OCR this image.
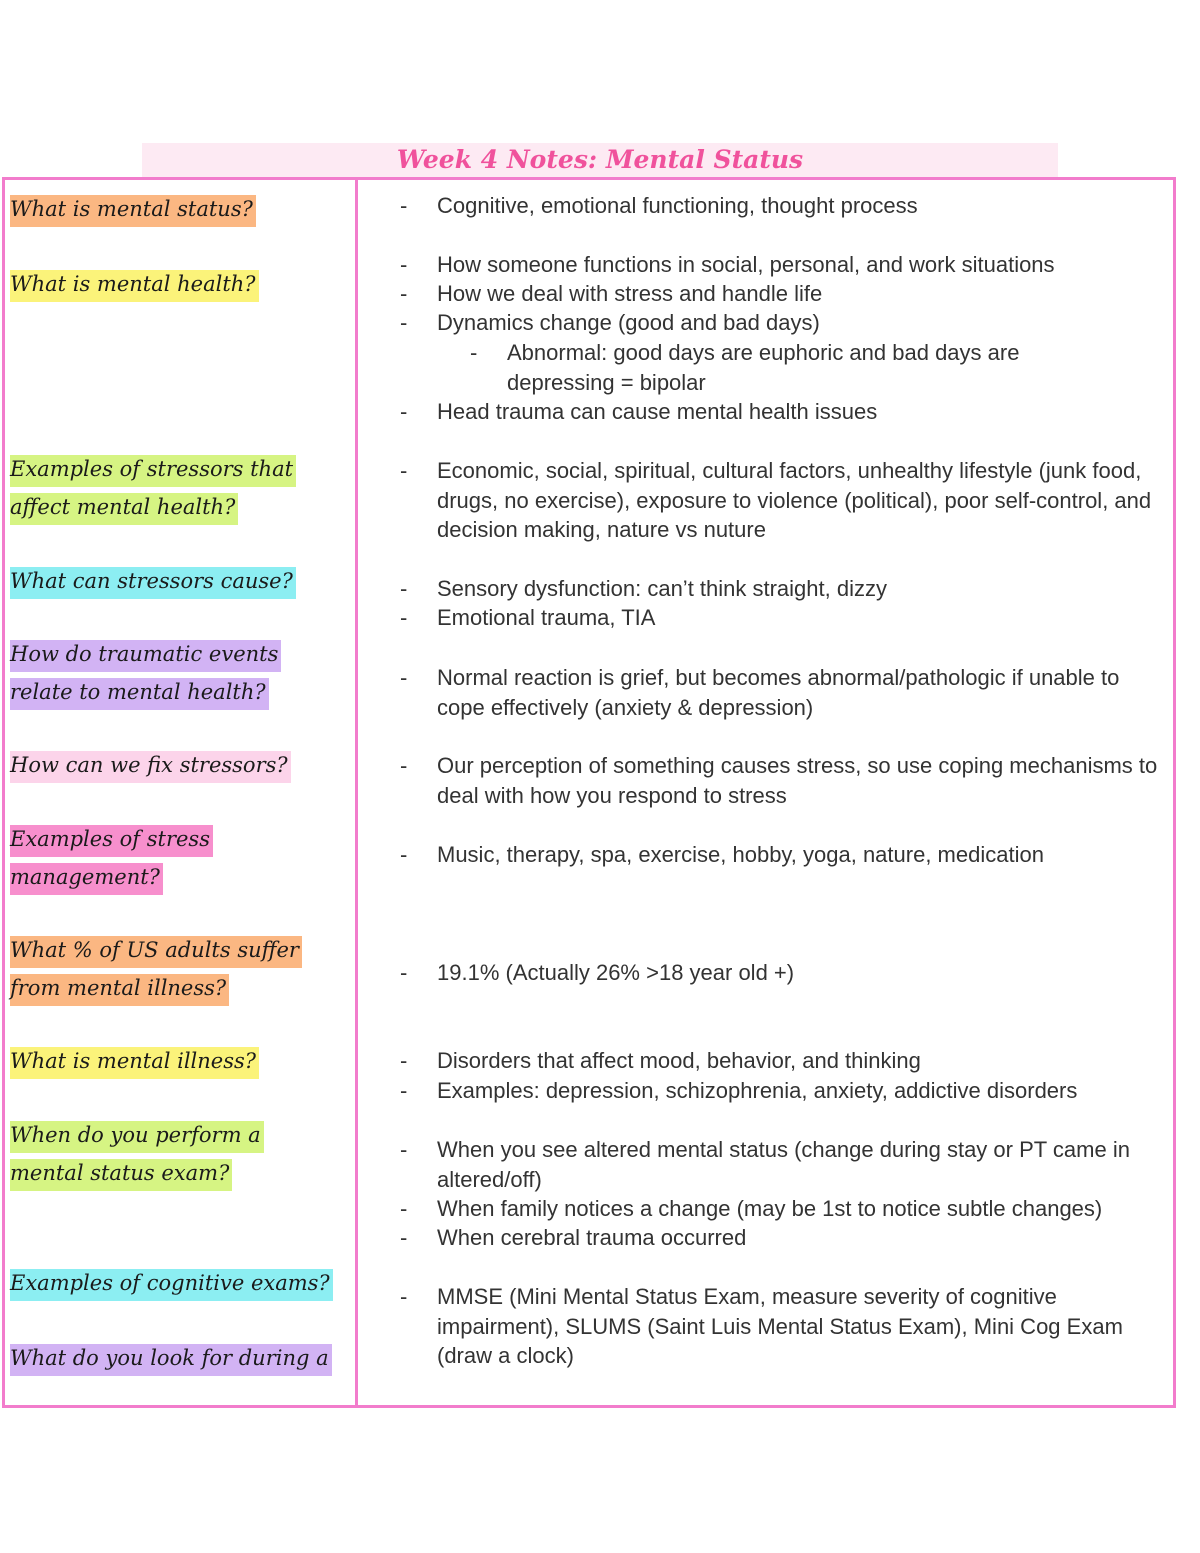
Week 4 Notes: Mental Status
What is mental status?
What is mental health?
Examples of stressors that affect mental health?
What can stressors cause?
How do traumatic events relate to mental health?
How can we fix stressors?
Examples of stress management?
What % of US adults suffer from mental illness?
What is mental illness?
When do you perform a mental status exam?
Examples of cognitive exams?
What do you look for during a
- Cognitive, emotional functioning, thought process
- How someone functions in social, personal, and work situations
- How we deal with stress and handle life
- Dynamics change (good and bad days)
- Abnormal: good days are euphoric and bad days are depressing = bipolar
- Head trauma can cause mental health issues
- Economic, social, spiritual, cultural factors, unhealthy lifestyle (junk food, drugs, no exercise), exposure to violence (political), poor self-control, and decision making, nature vs nuture
- Sensory dysfunction: can’t think straight, dizzy
- Emotional trauma, TIA
- Normal reaction is grief, but becomes abnormal/pathologic if unable to cope effectively (anxiety & depression)
- Our perception of something causes stress, so use coping mechanisms to deal with how you respond to stress
- Music, therapy, spa, exercise, hobby, yoga, nature, medication
- 19.1% (Actually 26% >18 year old +)
- Disorders that affect mood, behavior, and thinking
- Examples: depression, schizophrenia, anxiety, addictive disorders
- When you see altered mental status (change during stay or PT came in altered/off)
- When family notices a change (may be 1st to notice subtle changes)
- When cerebral trauma occurred
- MMSE (Mini Mental Status Exam, measure severity of cognitive impairment), SLUMS (Saint Luis Mental Status Exam), Mini Cog Exam (draw a clock)
